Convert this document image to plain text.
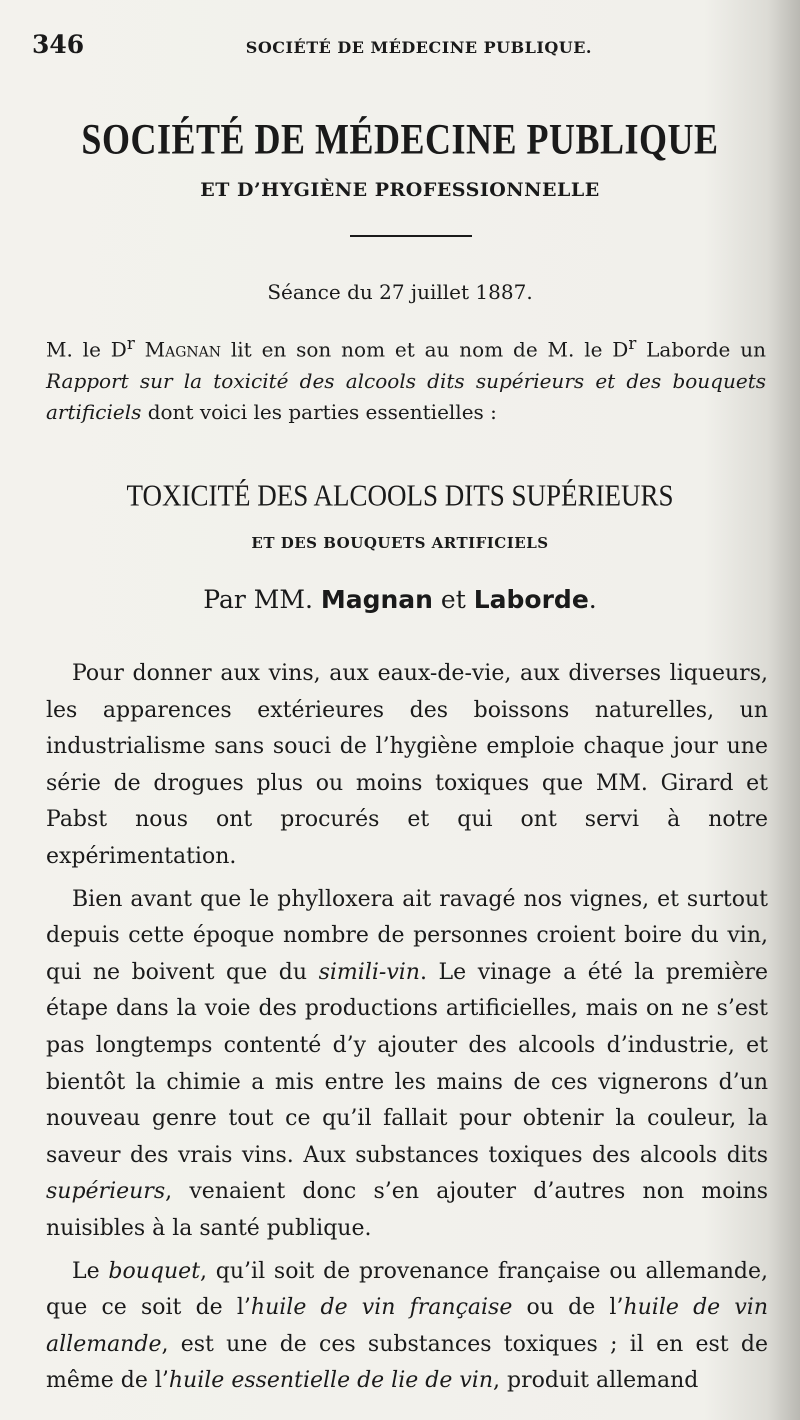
346	SOCIÉTÉ DE MÉDECINE PUBLIQUE.
SOCIÉTÉ DE MÉDECINE PUBLIQUE
ET D’HYGIÈNE PROFESSIONNELLE
Séance du 27 juillet 1887.
M. le $D^r$ Magnan lit en son nom et au nom de M. le $D^r$ Laborde un Rapport sur la toxicité des alcools dits supérieurs et des bouquets artificiels dont voici les parties essentielles :
TOXICITÉ DES ALCOOLS DITS SUPÉRIEURS
ET DES BOUQUETS ARTIFICIELS
Par MM. Magnan et Laborde.

Pour donner aux vins, aux eaux-de-vie, aux diverses liqueurs, les apparences extérieures des boissons naturelles, un industrialisme sans souci de l’hygiène emploie chaque jour une série de drogues plus ou moins toxiques que MM. Girard et Pabst nous ont procurés et qui ont servi à notre expérimentation.

Bien avant que le phylloxera ait ravagé nos vignes, et surtout depuis cette époque nombre de personnes croient boire du vin, qui ne boivent que du simili-vin. Le vinage a été la première étape dans la voie des productions artificielles, mais on ne s’est pas longtemps contenté d’y ajouter des alcools d’industrie, et bientôt la chimie a mis entre les mains de ces vignerons d’un nouveau genre tout ce qu’il fallait pour obtenir la couleur, la saveur des vrais vins. Aux substances toxiques des alcools dits supérieurs, venaient donc s’en ajouter d’autres non moins nuisibles à la santé publique.

Le bouquet, qu’il soit de provenance française ou allemande, que ce soit de l’huile de vin française ou de l’huile de vin allemande, est une de ces substances toxiques ; il en est de même de l’huile essentielle de lie de vin, produit allemand
